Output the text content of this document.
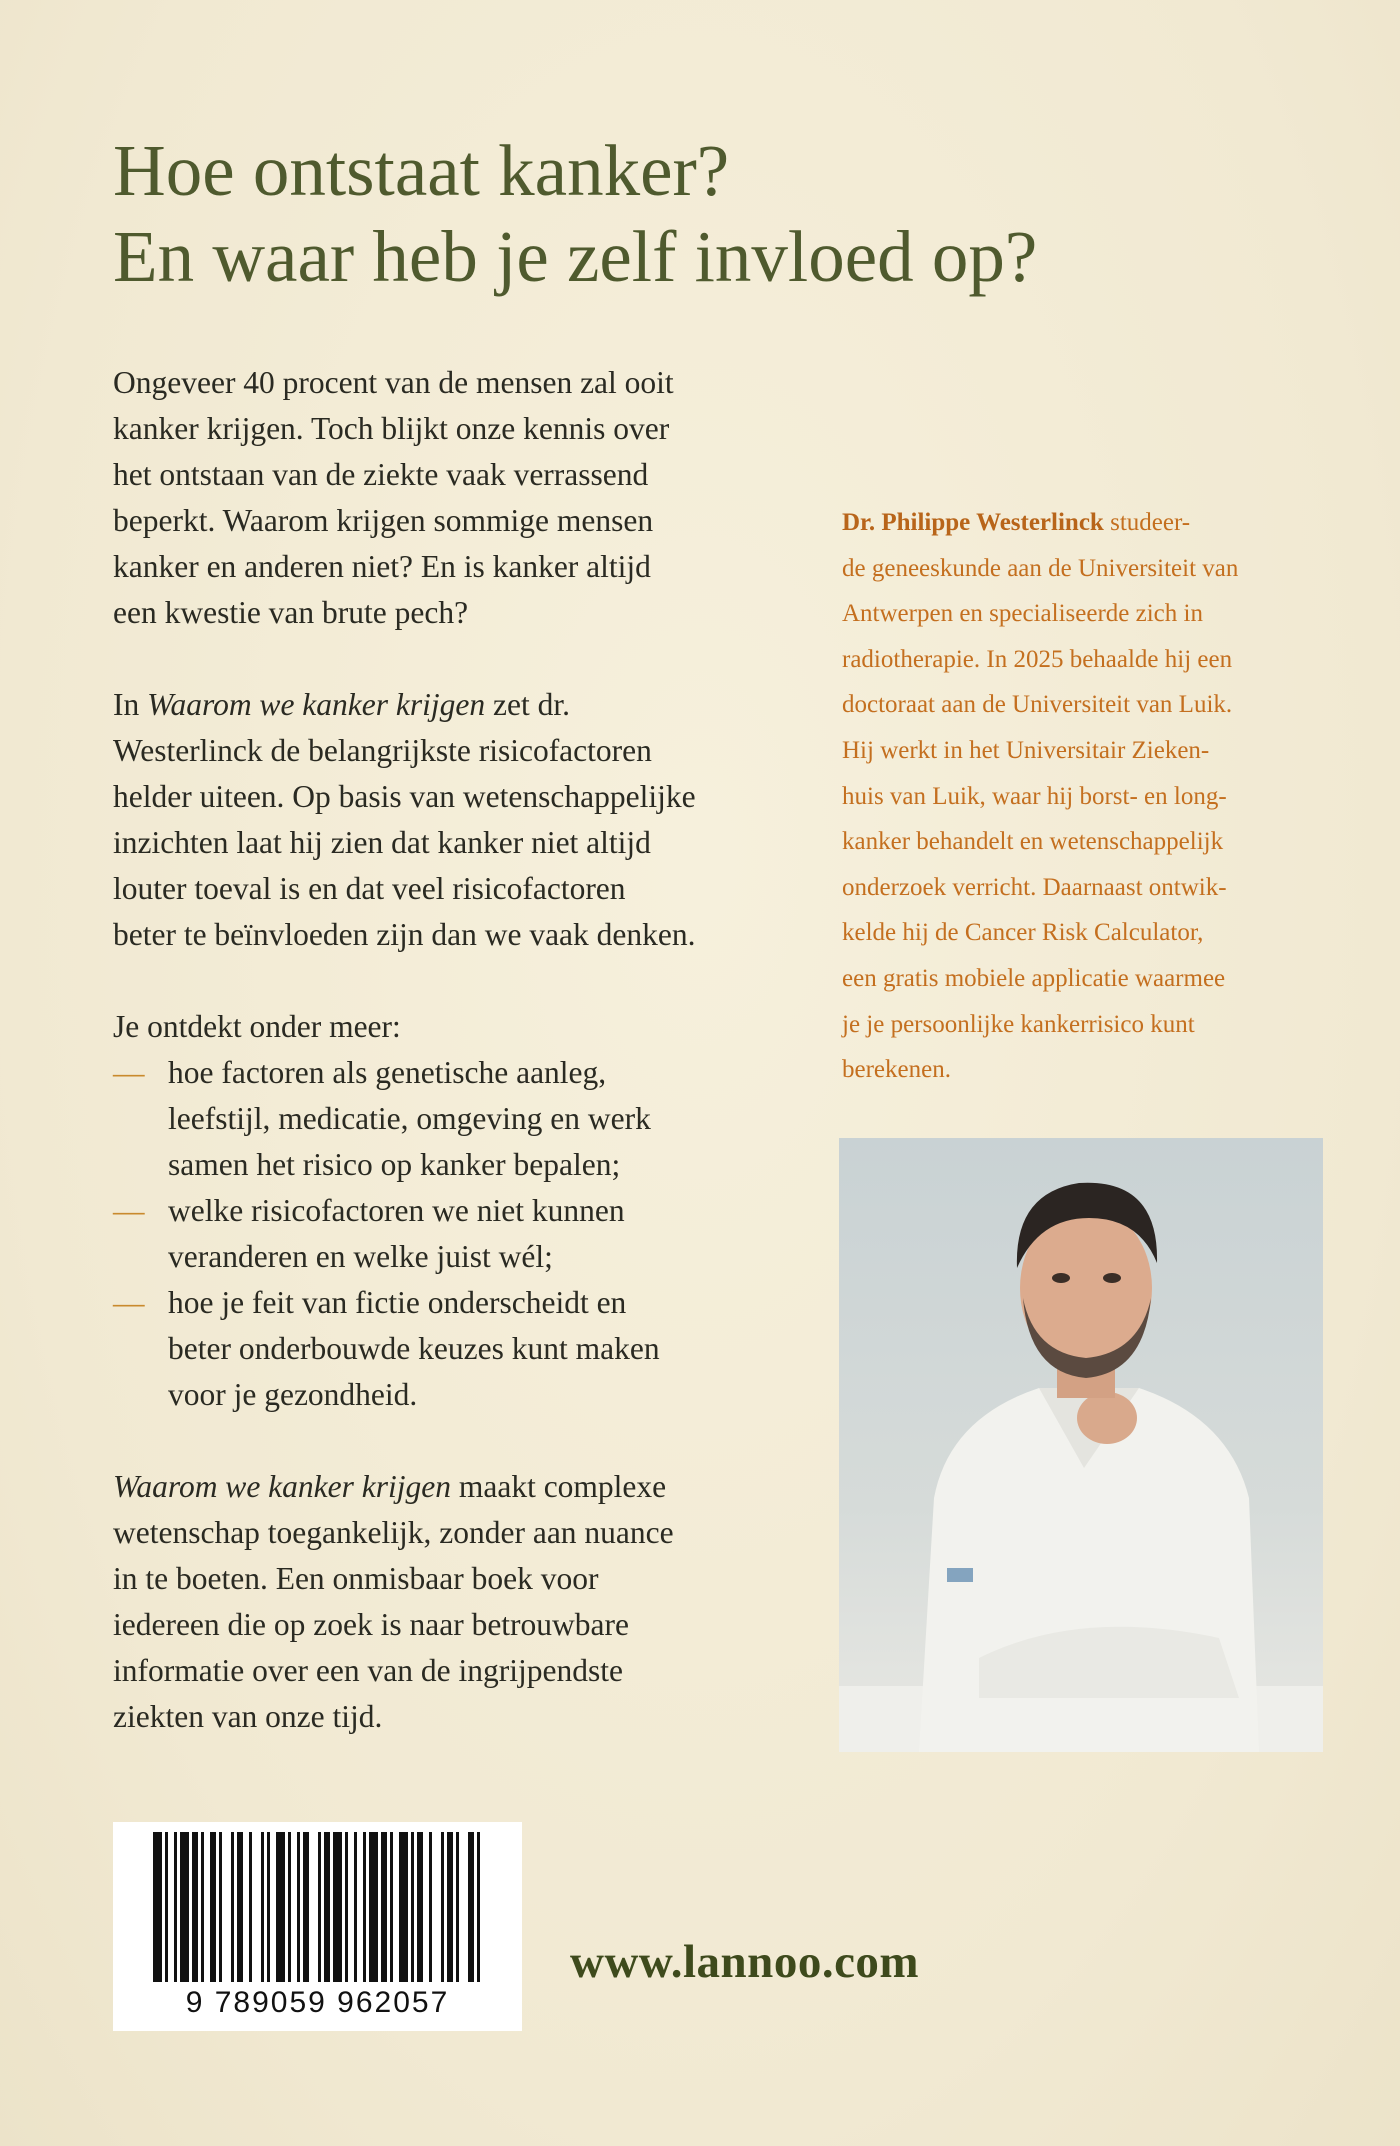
Hoe ontstaat kanker?
En waar heb je zelf invloed op?

Ongeveer 40 procent van de mensen zal ooit
kanker krijgen. Toch blijkt onze kennis over
het ontstaan van de ziekte vaak verrassend
beperkt. Waarom krijgen sommige mensen
kanker en anderen niet? En is kanker altijd
een kwestie van brute pech?

In Waarom we kanker krijgen zet dr.
Westerlinck de belangrijkste risicofactoren
helder uiteen. Op basis van wetenschappelijke
inzichten laat hij zien dat kanker niet altijd
louter toeval is en dat veel risicofactoren
beter te beïnvloeden zijn dan we vaak denken.

Je ontdekt onder meer:

— hoe factoren als genetische aanleg,
leefstijl, medicatie, omgeving en werk
samen het risico op kanker bepalen;
— welke risicofactoren we niet kunnen
veranderen en welke juist wél;
— hoe je feit van fictie onderscheidt en
beter onderbouwde keuzes kunt maken
voor je gezondheid.

Waarom we kanker krijgen maakt complexe
wetenschap toegankelijk, zonder aan nuance
in te boeten. Een onmisbaar boek voor
iedereen die op zoek is naar betrouwbare
informatie over een van de ingrijpendste
ziekten van onze tijd.

Dr. Philippe Westerlinck studeer-
de geneeskunde aan de Universiteit van
Antwerpen en specialiseerde zich in
radiotherapie. In 2025 behaalde hij een
doctoraat aan de Universiteit van Luik.
Hij werkt in het Universitair Zieken-
huis van Luik, waar hij borst- en long-
kanker behandelt en wetenschappelijk
onderzoek verricht. Daarnaast ontwik-
kelde hij de Cancer Risk Calculator,
een gratis mobiele applicatie waarmee
je je persoonlijke kankerrisico kunt
berekenen.

9 789059 962057
www.lannoo.com
